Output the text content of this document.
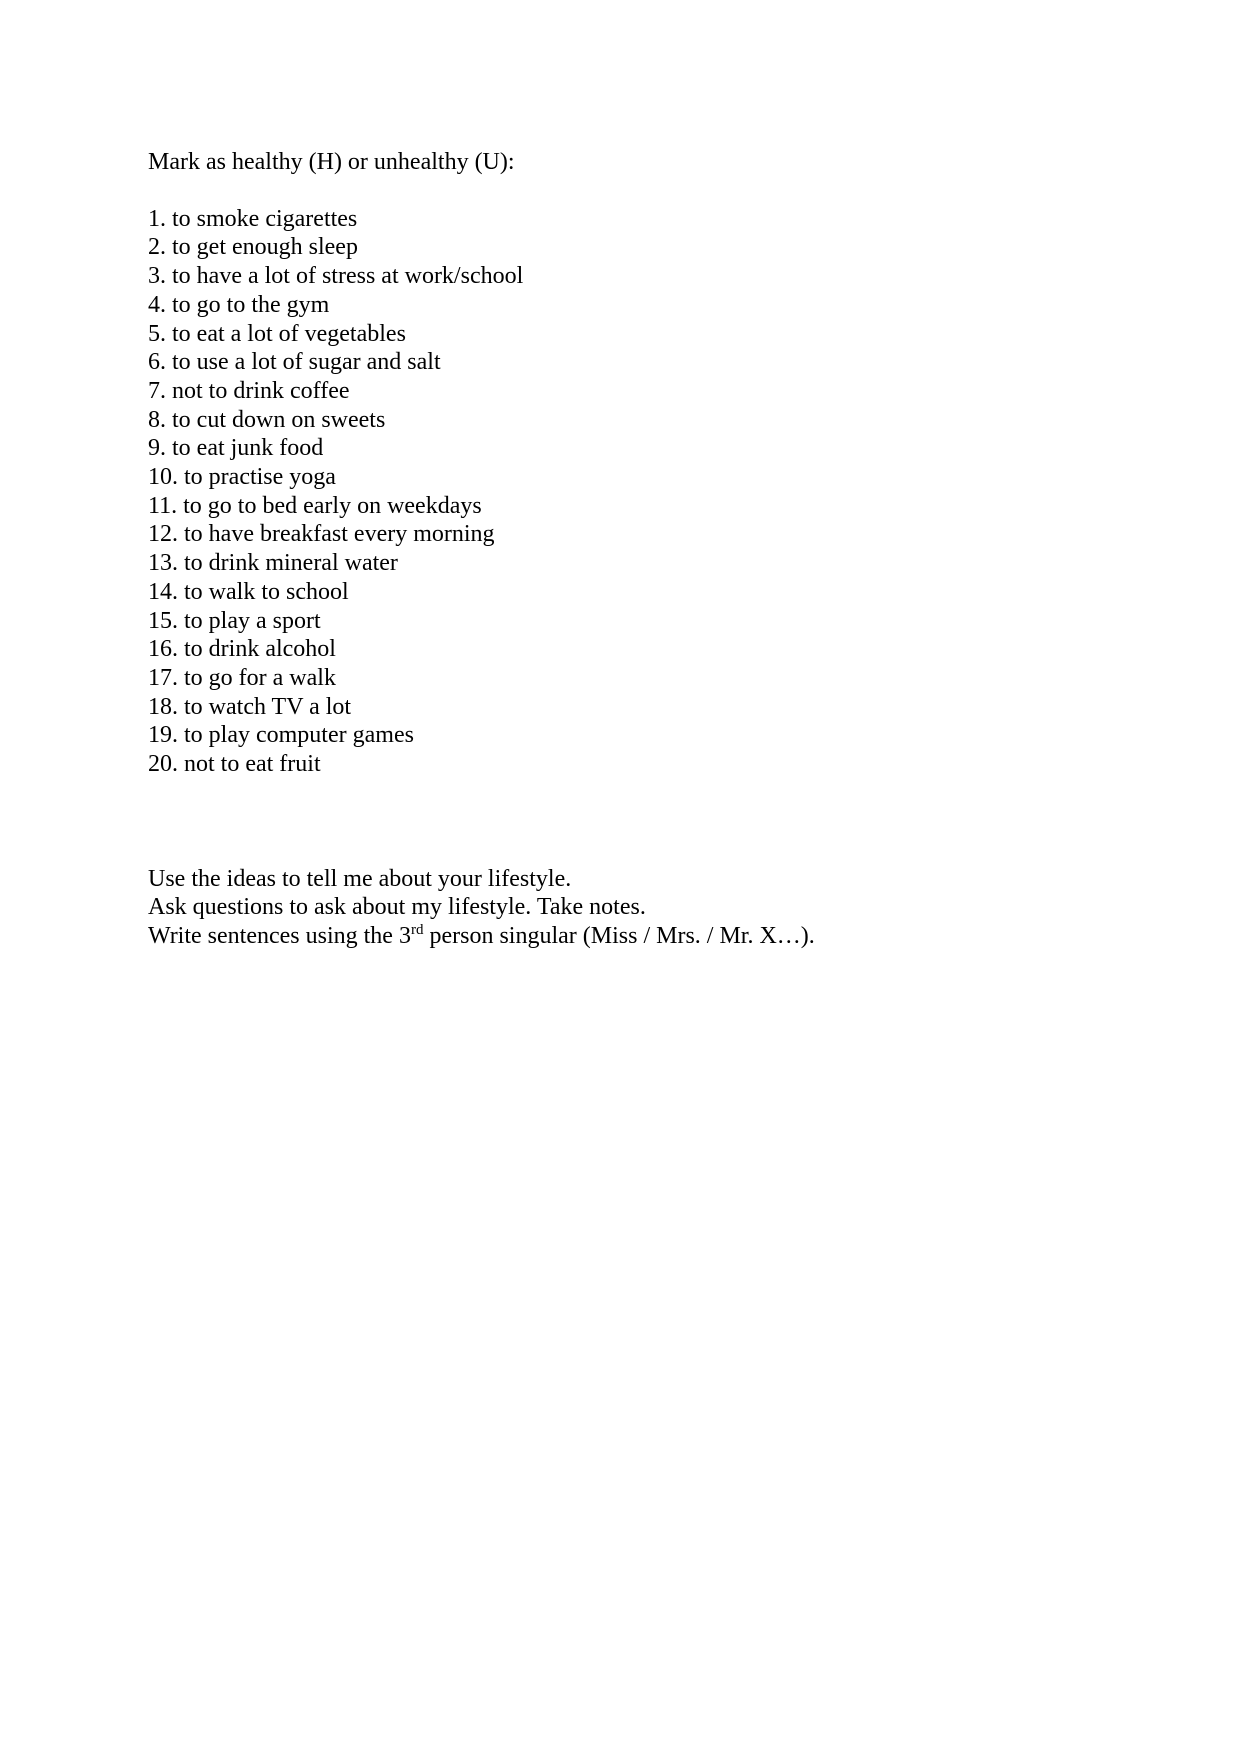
Mark as healthy (H) or unhealthy (U):

1. to smoke cigarettes
2. to get enough sleep
3. to have a lot of stress at work/school
4. to go to the gym
5. to eat a lot of vegetables
6. to use a lot of sugar and salt
7. not to drink coffee
8. to cut down on sweets
9. to eat junk food
10. to practise yoga
11. to go to bed early on weekdays
12. to have breakfast every morning
13. to drink mineral water
14. to walk to school
15. to play a sport
16. to drink alcohol
17. to go for a walk
18. to watch TV a lot
19. to play computer games
20. not to eat fruit

Use the ideas to tell me about your lifestyle.

Ask questions to ask about my lifestyle. Take notes.

Write sentences using the 3rd person singular (Miss / Mrs. / Mr. X…).
